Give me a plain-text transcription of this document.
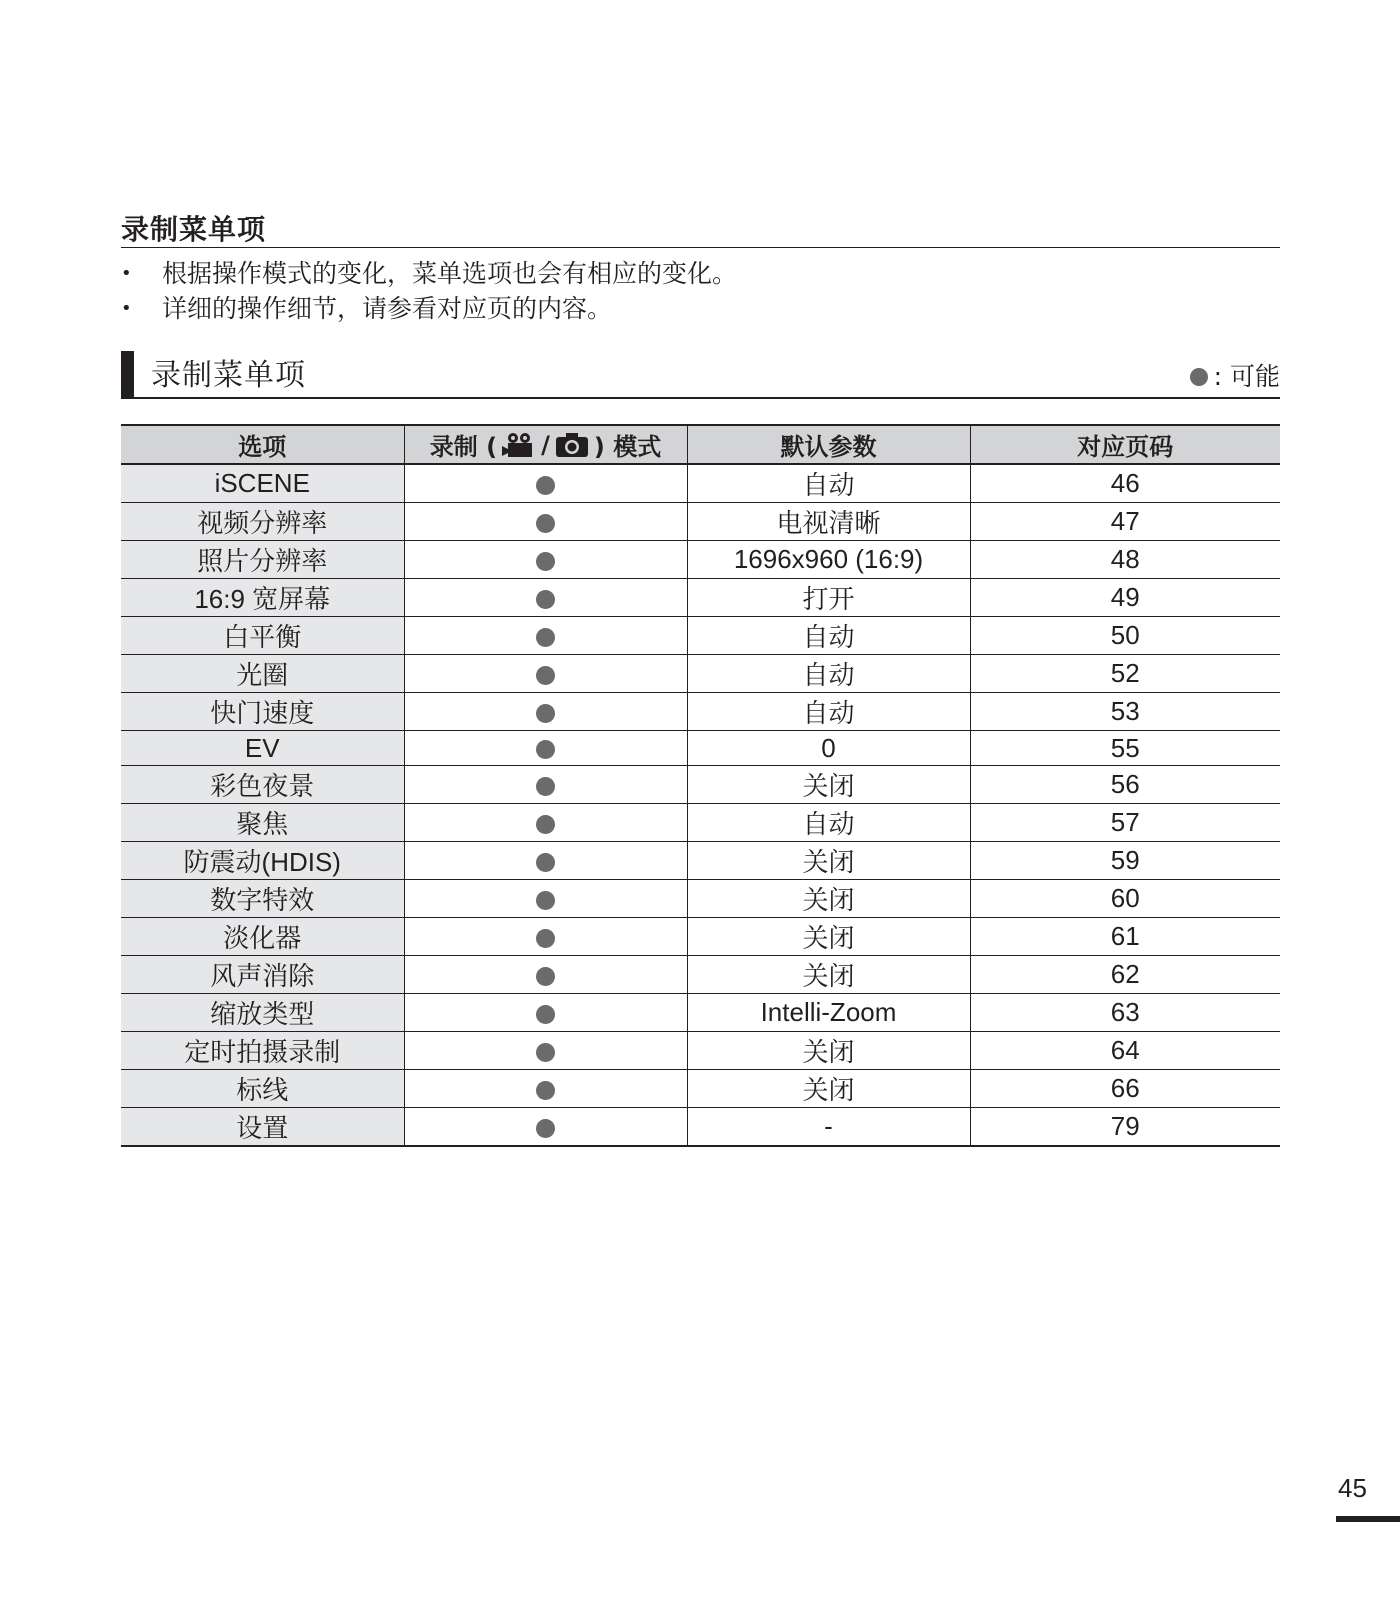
录制菜单项
• 根据操作模式的变化，菜单选项也会有相应的变化。
• 详细的操作细节，请参看对应页的内容。
录制菜单项	: 可能
选项	录制 ( / ) 模式	默认参数	对应页码
iSCENE		自动	46
视频分辨率		电视清晰	47
照片分辨率		1696x960 (16:9)	48
16:9 宽屏幕		打开	49
白平衡		自动	50
光圈		自动	52
快门速度		自动	53
EV		0	55
彩色夜景		关闭	56
聚焦		自动	57
防震动(HDIS)		关闭	59
数字特效		关闭	60
淡化器		关闭	61
风声消除		关闭	62
缩放类型		Intelli-Zoom	63
定时拍摄录制		关闭	64
标线		关闭	66
设置		-	79
45
